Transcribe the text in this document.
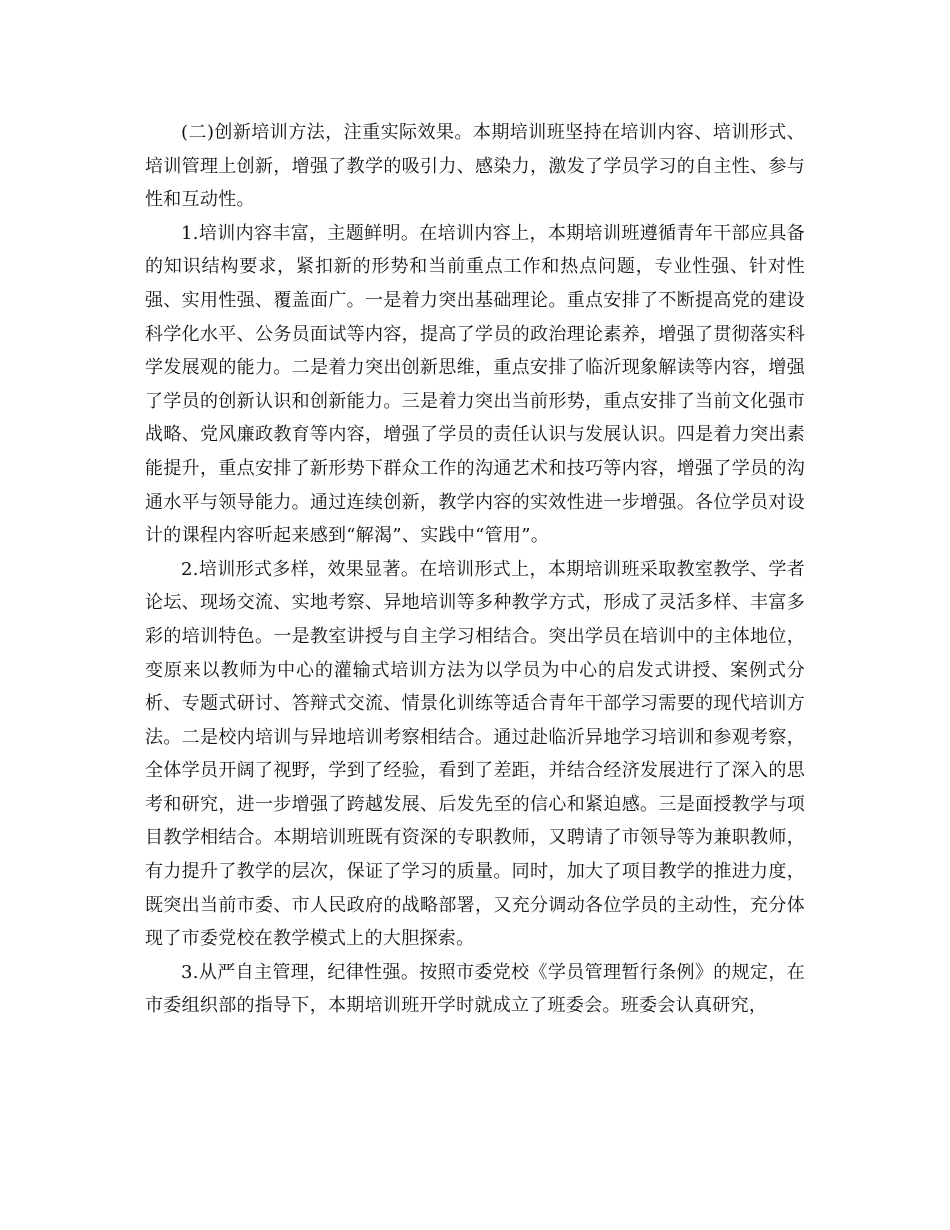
(二)创新培训方法，注重实际效果。本期培训班坚持在培训内容、培训形式、培训管理上创新，增强了教学的吸引力、感染力，激发了学员学习的自主性、参与性和互动性。

1.培训内容丰富，主题鲜明。在培训内容上，本期培训班遵循青年干部应具备的知识结构要求，紧扣新的形势和当前重点工作和热点问题，专业性强、针对性强、实用性强、覆盖面广。一是着力突出基础理论。重点安排了不断提高党的建设科学化水平、公务员面试等内容，提高了学员的政治理论素养，增强了贯彻落实科学发展观的能力。二是着力突出创新思维，重点安排了临沂现象解读等内容，增强了学员的创新认识和创新能力。三是着力突出当前形势，重点安排了当前文化强市战略、党风廉政教育等内容，增强了学员的责任认识与发展认识。四是着力突出素能提升，重点安排了新形势下群众工作的沟通艺术和技巧等内容，增强了学员的沟通水平与领导能力。通过连续创新，教学内容的实效性进一步增强。各位学员对设计的课程内容听起来感到“解渴”、实践中“管用”。

2.培训形式多样，效果显著。在培训形式上，本期培训班采取教室教学、学者论坛、现场交流、实地考察、异地培训等多种教学方式，形成了灵活多样、丰富多彩的培训特色。一是教室讲授与自主学习相结合。突出学员在培训中的主体地位，变原来以教师为中心的灌输式培训方法为以学员为中心的启发式讲授、案例式分析、专题式研讨、答辩式交流、情景化训练等适合青年干部学习需要的现代培训方法。二是校内培训与异地培训考察相结合。通过赴临沂异地学习培训和参观考察，全体学员开阔了视野，学到了经验，看到了差距，并结合经济发展进行了深入的思考和研究，进一步增强了跨越发展、后发先至的信心和紧迫感。三是面授教学与项目教学相结合。本期培训班既有资深的专职教师，又聘请了市领导等为兼职教师，有力提升了教学的层次，保证了学习的质量。同时，加大了项目教学的推进力度，既突出当前市委、市人民政府的战略部署，又充分调动各位学员的主动性，充分体现了市委党校在教学模式上的大胆探索。

3.从严自主管理，纪律性强。按照市委党校《学员管理暂行条例》的规定，在市委组织部的指导下，本期培训班开学时就成立了班委会。班委会认真研究，
